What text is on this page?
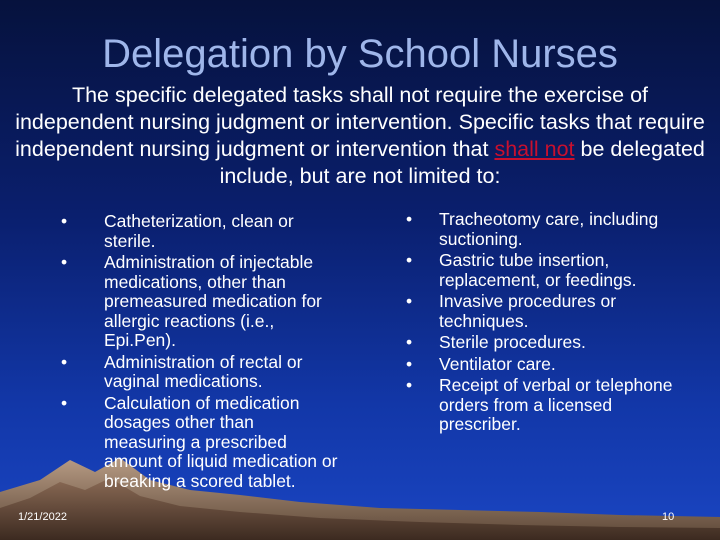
Delegation by School Nurses
The specific delegated tasks shall not require the exercise of independent nursing judgment or intervention. Specific tasks that require independent nursing judgment or intervention that shall not be delegated include, but are not limited to:
• Catheterization, clean or sterile.
• Administration of injectable medications, other than premeasured medication for allergic reactions (i.e., Epi.Pen).
• Administration of rectal or vaginal medications.
• Calculation of medication dosages other than measuring a prescribed amount of liquid medication or breaking a scored tablet.
• Tracheotomy care, including suctioning.
• Gastric tube insertion, replacement, or feedings.
• Invasive procedures or techniques.
• Sterile procedures.
• Ventilator care.
• Receipt of verbal or telephone orders from a licensed prescriber.
1/21/2022	10
